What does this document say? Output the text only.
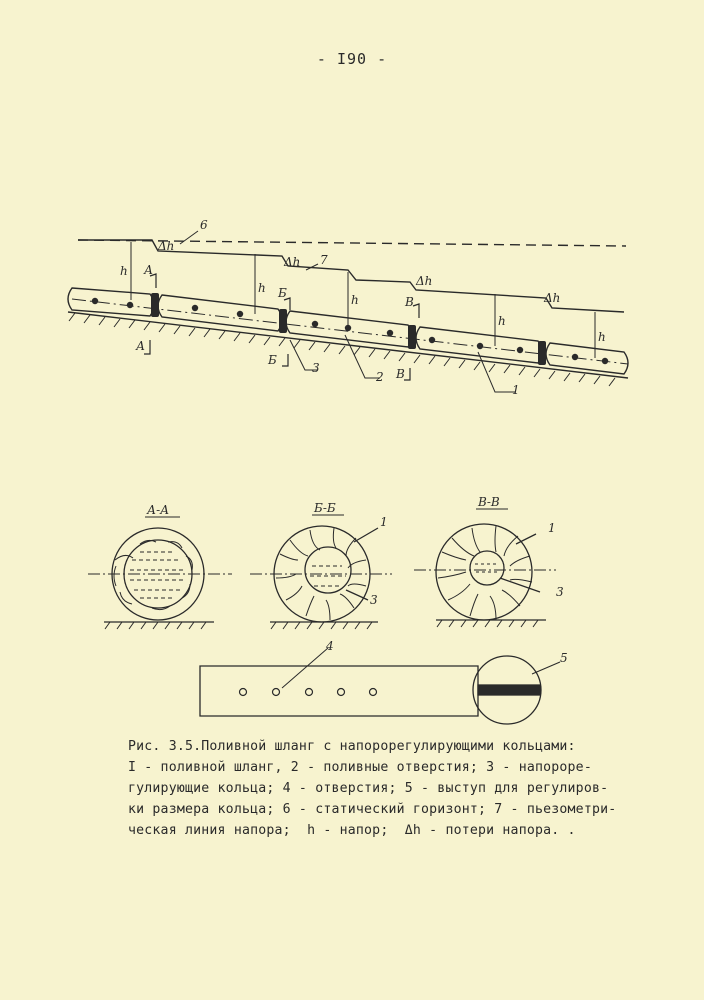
- I90 -
6
7
Δh
Δh
Δh
Δh
h
h
h
h
h
А
А
Б
Б
В
В
3
2
1
А-А	Б-Б	В-В
1
3
1
3
4
5

Рис. 3.5.Поливной шланг с напорорегулирующими кольцами:

I - поливной шланг, 2 - поливные отверстия; 3 - напороре-

гулирующие кольца; 4 - отверстия; 5 - выступ для регулиров-

ки размера кольца; 6 - статический горизонт; 7 - пьезометри-

ческая линия напора;  h - напор;  Δh - потери напора. .
